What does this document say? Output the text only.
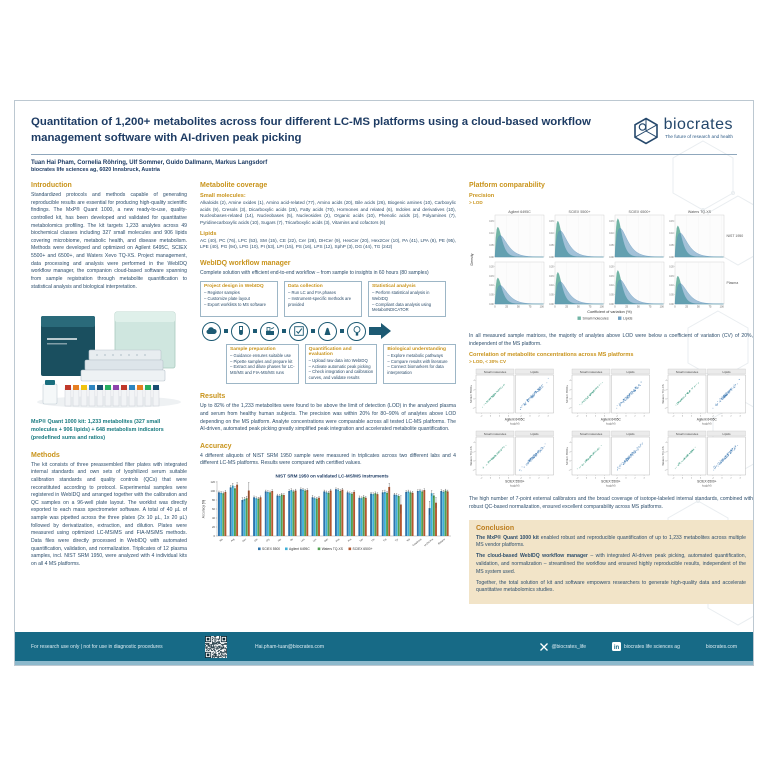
Quantitation of 1,200+ metabolites across four different LC-MS platforms using a cloud-based workflow management software with AI-driven peak picking
biocrates
The future of research and health
Tuan Hai Pham, Cornelia Röhring, Ulf Sommer, Guido Dallmann, Markus Langsdorf
biocrates life sciences ag, 6020 Innsbruck, Austria
Introduction

Standardized protocols and methods capable of generating reproducible results are essential for producing high-quality scientific findings. The MxP® Quant 1000, a new ready-to-use, quality-controlled kit, has been developed and validated for quantitative metabolomics profiling. The kit targets 1,233 analytes across 49 biochemical classes including 327 small molecules and 906 lipids covering microbiome, metabolic health, and disease metabolism. Methods were developed and optimized on Agilent 6495C, SCIEX 5500+ and 6500+, and Waters Xevo TQ-XS. Project management, data processing and analysis were performed in the WebIDQ workflow manager, the companion cloud-based software spanning from sample registration through metabolite quantification to statistical analysis and biological interpretation.

MxP® Quant 1000 kit: 1,233 metabolites (327 small molecules + 906 lipids) + 648 metabolism indicators (predefined sums and ratios)
Methods

The kit consists of three preassembled filter plates with integrated internal standards and own sets of lyophilized serum suitable calibration standards and quality controls (QCs) that were reconstituted according to protocol. Experimental samples were registered in WebIDQ and arranged together with the calibration and QC samples on a 96-well plate layout. The worklist was directly exported to each mass spectrometer software. A total of 40 µL of sample was pipetted across the three plates (2x 10 µL, 1x 20 µL) followed by derivatization, extraction, and dilution. Plates were measured using optimized LC-MS/MS and FIA-MS/MS methods. Data files were directly processed in WebIDQ with automated quantification, validation, and normalization. Triplicates of 12 plasma samples, incl. NIST SRM 1950, were analyzed with 4 individual kits on all 4 MS platforms.

Metabolite coverage
Small molecules:

Alkaloids (2), Amine oxides (1), Amino acid-related (77), Amino acids (20), Bile acids (26), Biogenic amines (10), Carboxylic acids (9), Cresols (3), Dicarboxylic acids (25), Fatty acids (70), Hormones and related (6), Indoles and derivatives (10), Nucleobases-related (14), Nucleobases (5), Nucleosides (2), Organic acids (10), Phenolic acids (2), Polyamines (7), Pyridinecarboxylic acids (10), Sugars (7), Tricarboxylic acids (3), Vitamins and cofactors (6)

Lipids

AC (40), PC (76), LPC (53), SM (15), CE (22), Cer (28), DHCer (9), HexCer (20), Hex2Cer (10), PA (41), LPA (8), PE (95), LPE (40), PG (94), LPG (10), PI (53), LPI (15), PS (16), LPS (12), SphP (3), DG (44), TG (242)

WebIDQ workflow manager

Complete solution with efficient end-to-end workflow – from sample to insights in 60 hours (80 samples)

Project design in WebIDQ
– Register samples
– Customize plate layout
– Export worklists to MS software
Data collection
– Run LC and FIA phases
– Instrument-specific methods are provided
Statistical analysis
– Perform statistical analysis in WebIDQ
– Compliant data analysis using MetaboINDICATOR
Sample preparation
– Guidance ensures suitable use
– Pipette samples and prepare kit
– Extract and dilute phases for LC-MS/MS and FIA-MS/MS runs
Quantification and evaluation
– Upload raw data into WebIDQ
– Activate automatic peak picking
– Check integration and calibration curves, and validate results
Biological understanding
– Explore metabolic pathways
– Compare results with literature
– Connect biomarkers for data interpretation
Results

Up to 82% of the 1,233 metabolites were found to be above the limit of detection (LOD) in the analyzed plasma and serum from healthy human subjects. The precision was within 20% for 80–90% of analytes above LOD depending on the MS platform. Analyte concentrations were comparable across all tested LC-MS platforms. The AI-driven, automated peak picking greatly simplified peak integration and accelerated metabolite quantification.

Accuracy

4 different aliquots of NIST SRM 1950 sample were measured in triplicates across two different labs and 4 different LC-MS platforms. Results were compared with certified values.

NIST SRM 1950 on validated LC-MS/MS instruments
0
20
40
60
80
100
120
Accuracy [%]
Ala	Arg	Asn	Gln	Gly	His	Ile	Leu	Lys	Met	Phe	Pro	Ser	Thr	Trp	Tyr	Val Creatinine t4-OH-Pro Betaine
SCIEX 5500	Agilent 6495C	Waters TQ-XS	SCIEX 6500+
Platform comparability
Precision
> LOD
Agilent 6495C	SCIEX 5500+	SCIEX 6500+	Waters TQ-XS
0.00
0.05
0.10
0.15
0.00
0.05
0.10
0.15
0.00
0.05
0.10
0.15
0.00
0.05
0.10
0.15
NIST 1950
0.00
0.05
0.10
0.15
0.20
0	25	50	75	100
0.00
0.05
0.10
0.15
0.20
0	25	50	75	100
0.00
0.05
0.10
0.15
0.20
0	25	50	75	100
0.00
0.05
0.10
0.15
0.20
0	25	50	75	100
Plasma
Coefficient of variation (%)
Density
Small molecules	Lipids

In all measured sample matrices, the majority of analytes above LOD were below a coefficient of variation (CV) of 20%, independent of the MS platform.

Correlation of metabolite concentrations across MS platforms
> LOD, < 30% CV
SCIEX 5500+
Small molecules
-2
-2
0
0
2
2
4
4
Lipids
-2	0	2	4
Agilent 6495C
log(µM)
SCIEX 6500+
Small molecules
-2
-2
0
0
2
2
4
4
Lipids
-2	0	2	4
Agilent 6495C
log(µM)
Waters TQ-XS
Small molecules
-2
-2
0
0
2
2
4
4
Lipids
-2	0	2	4
Agilent 6495C
log(µM)
Waters TQ-XS
Small molecules
-2
-2
0
0
2
2
4
4
Lipids
-2	0	2	4
SCIEX 5500+
log(µM)
SCIEX 6500+
Small molecules
-2
-2
0
0
2
2
4
4
Lipids
-2	0	2	4
SCIEX 5500+
log(µM)
Waters TQ-XS
Small molecules
-2
-2
0
0
2
2
4
4
Lipids
-2	0	2	4
SCIEX 6500+
log(µM)

The high number of 7-point external calibrators and the broad coverage of isotope-labeled internal standards, combined with robust QC-based normalization, ensured excellent comparability across MS platforms.

Conclusion

The MxP® Quant 1000 kit enabled robust and reproducible quantification of up to 1,233 metabolites across multiple MS vendor platforms.

The cloud-based WebIDQ workflow manager – with integrated AI-driven peak picking, automated quantification, validation, and normalization – streamlined the workflow and ensured highly reproducible results, independent of the MS system used.

Together, the total solution of kit and software empowers researchers to generate high-quality data and accelerate quantitative metabolomics studies.

For research use only | not for use in diagnostic procedures	Hai.pham-tuan@biocrates.com	@biocrates_life	in biocrates life sciences ag	biocrates.com
